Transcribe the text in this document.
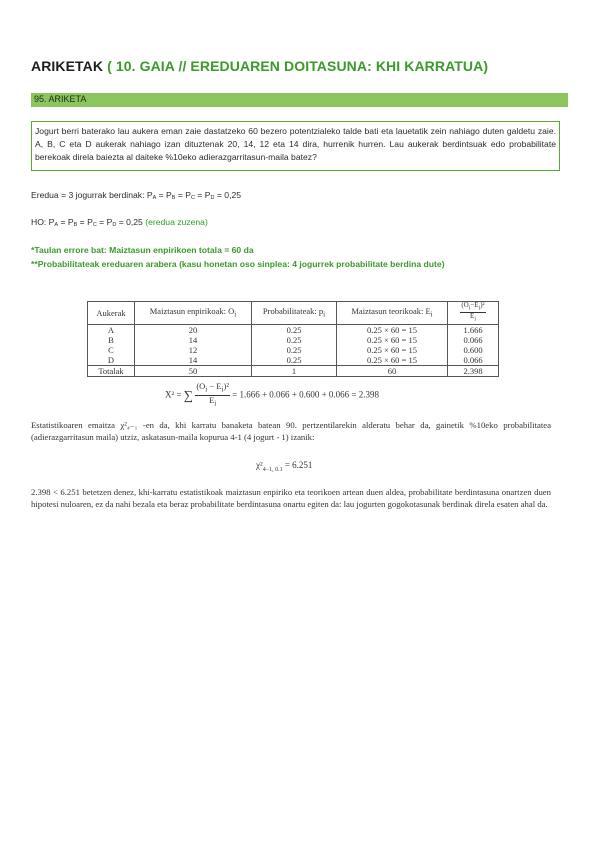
ARIKETAK ( 10. GAIA // EREDUAREN DOITASUNA: KHI KARRATUA)
95. ARIKETA
Jogurt berri baterako lau aukera eman zaie dastatzeko 60 bezero potentzialeko talde bati eta lauetatik zein nahiago duten galdetu zaie. A, B, C eta D aukerak nahiago izan dituztenak 20, 14, 12 eta 14 dira, hurrenik hurren. Lau aukerak berdintsuak edo probabilitate berekoak direla baiezta al daiteke %10eko adierazgarritasun-maila batez?
Eredua = 3 jogurrak berdinak: $P_A = P_B = P_C = P_D = 0,25$
HO: $P_A = P_B = P_C = P_D = 0,25$ (eredua zuzena)
*Taulan errore bat: Maiztasun enpirikoen totala = 60 da
**Probabilitateak ereduaren arabera (kasu honetan oso sinplea: 4 jogurrek probabilitate berdina dute)
Aukerak	Maiztasun enpirikoak: $O_i$	Probabilitateak: $p_i$	Maiztasun teorikoak: $E_i$	$\frac{(O_i-E_i)^2}{E_i}$

A	20	0.25	0.25 × 60 = 15	1.666
B	14	0.25	0.25 × 60 = 15	0.066
C	12	0.25	0.25 × 60 = 15	0.600
D	14	0.25	0.25 × 60 = 15	0.066
Totalak	50	1	60	2.398
X² = ∑ $\frac{(O_i - E_i)^2}{E_i} = 1.666 + 0.066 + 0.600 + 0.066 = 2.398$
Estatistikoaren emaitza χ²₄₋₁ -en da, khi karratu banaketa batean 90. pertzentilarekin alderatu behar da, gainetik %10eko probabilitatea (adierazgarritasun maila) utziz, askatasun-maila kopurua 4-1 (4 jogurt - 1) izanik:
$\chi^2_{4-1, 0.1} = 6.251$
2.398 < 6.251 betetzen denez, khi-karratu estatistikoak maiztasun enpiriko eta teorikoen artean duen aldea, probabilitate berdintasuna onartzen duen hipotesi nuloaren, ez da nahi bezala eta beraz probabilitate berdintasuna onartu egiten da: lau jogurten gogokotasunak berdinak direla esaten ahal da.
